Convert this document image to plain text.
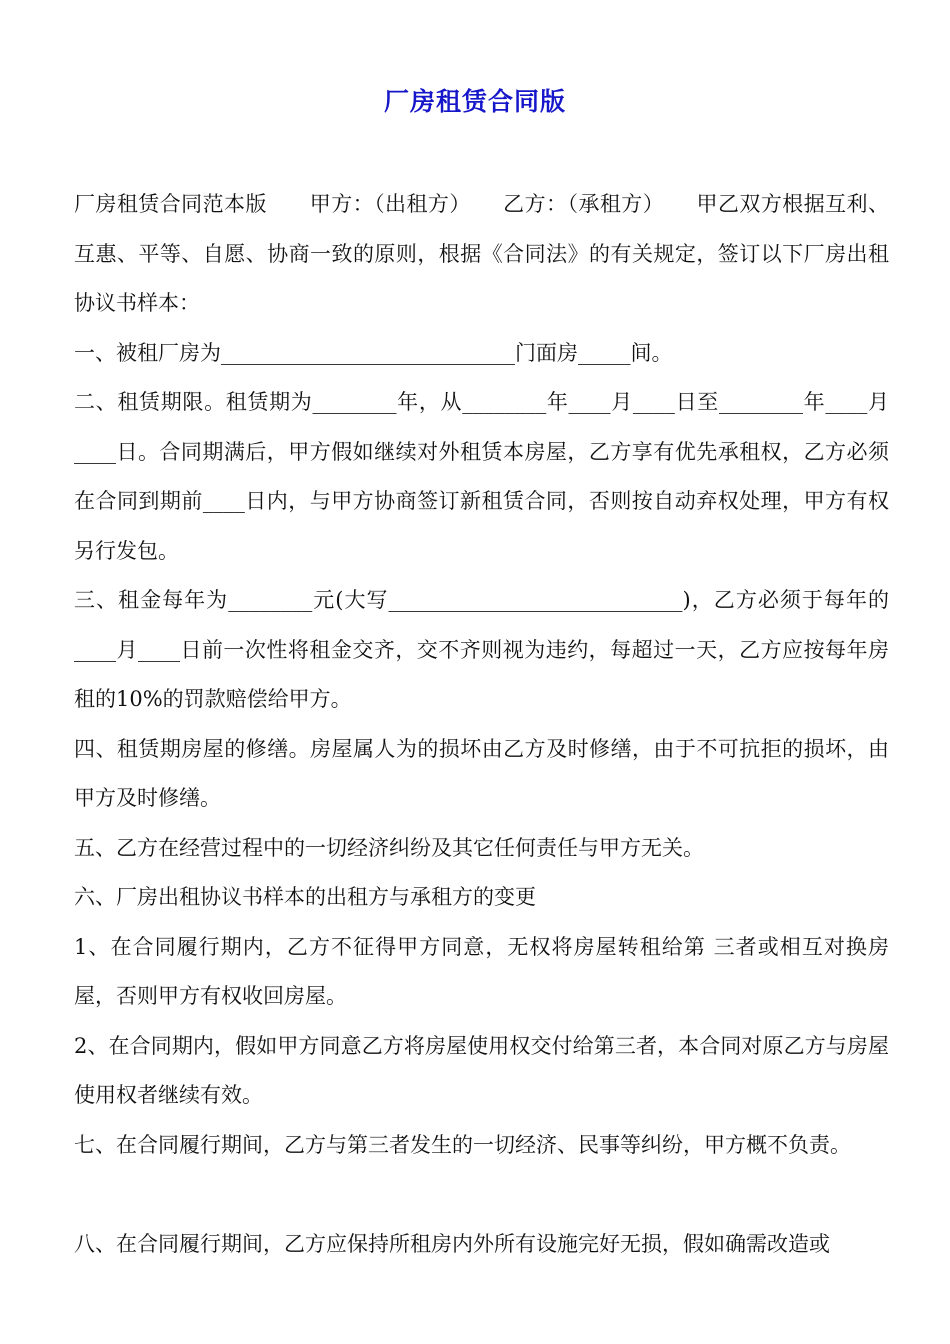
厂房租赁合同版

厂房租赁合同范本版　　甲方：（出租方）　　乙方：（承租方）　　甲乙双方根据互利、互惠、平等、自愿、协商一致的原则，根据《合同法》的有关规定，签订以下厂房出租协议书样本：

一、被租厂房为____________________________门面房_____间。

二、租赁期限。租赁期为________年，从________年____月____日至________年____月____日。合同期满后，甲方假如继续对外租赁本房屋，乙方享有优先承租权，乙方必须在合同到期前____日内，与甲方协商签订新租赁合同，否则按自动弃权处理，甲方有权另行发包。

三、租金每年为________元(大写____________________________)，乙方必须于每年的____月____日前一次性将租金交齐，交不齐则视为违约，每超过一天，乙方应按每年房租的10%的罚款赔偿给甲方。

四、租赁期房屋的修缮。房屋属人为的损坏由乙方及时修缮，由于不可抗拒的损坏，由甲方及时修缮。

五、乙方在经营过程中的一切经济纠纷及其它任何责任与甲方无关。

六、厂房出租协议书样本的出租方与承租方的变更

1、在合同履行期内，乙方不征得甲方同意，无权将房屋转租给第 三者或相互对换房屋，否则甲方有权收回房屋。

2、在合同期内，假如甲方同意乙方将房屋使用权交付给第三者，本合同对原乙方与房屋使用权者继续有效。

七、在合同履行期间，乙方与第三者发生的一切经济、民事等纠纷，甲方概不负责。

八、在合同履行期间，乙方应保持所租房内外所有设施完好无损，假如确需改造或
